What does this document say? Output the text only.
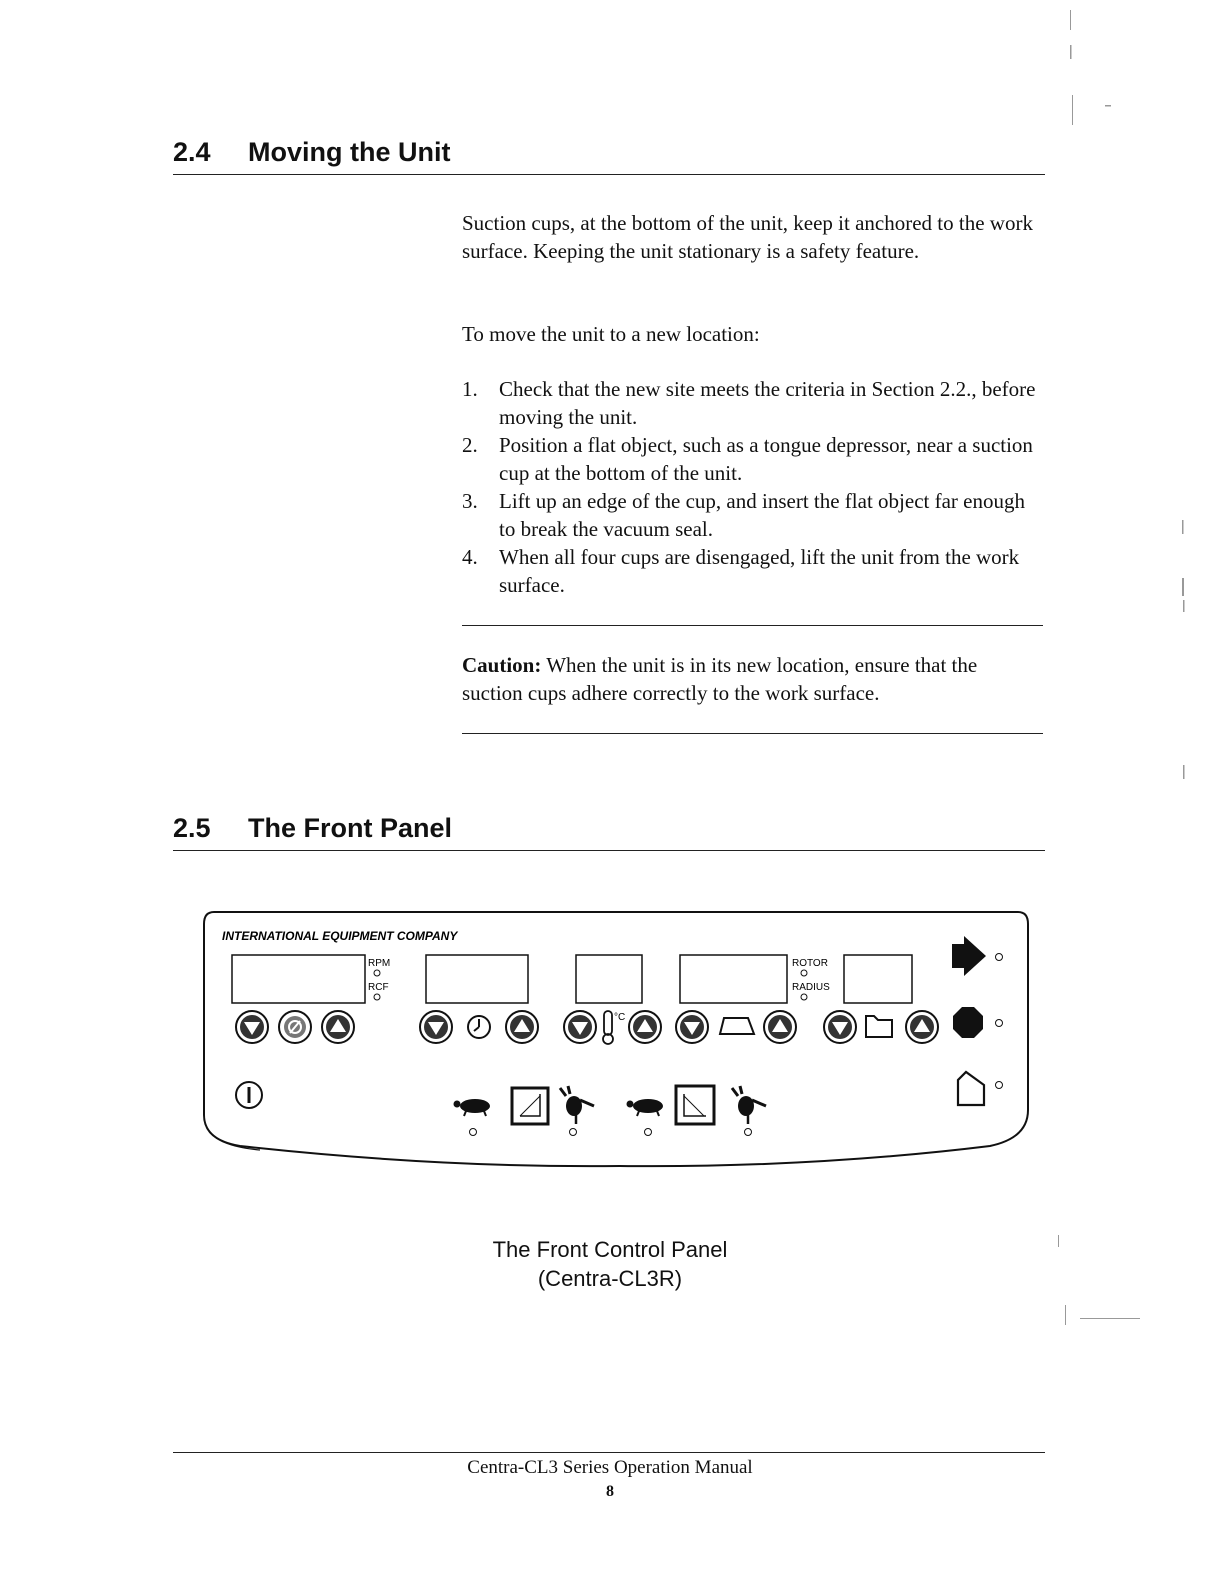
2.4 Moving the Unit
Suction cups, at the bottom of the unit, keep it anchored to the work surface. Keeping the unit stationary is a safety feature.
To move the unit to a new location:
1. Check that the new site meets the criteria in Section 2.2., before moving the unit.
2. Position a flat object, such as a tongue depressor, near a suction cup at the bottom of the unit.
3. Lift up an edge of the cup, and insert the flat object far enough to break the vacuum seal.
4. When all four cups are disengaged, lift the unit from the work surface.
Caution: When the unit is in its new location, ensure that the suction cups adhere correctly to the work surface.
2.5 The Front Panel
INTERNATIONAL EQUIPMENT COMPANY
RPM
RCF
ROTOR
RADIUS
°C
The Front Control Panel
(Centra-CL3R)
Centra-CL3 Series Operation Manual
8
